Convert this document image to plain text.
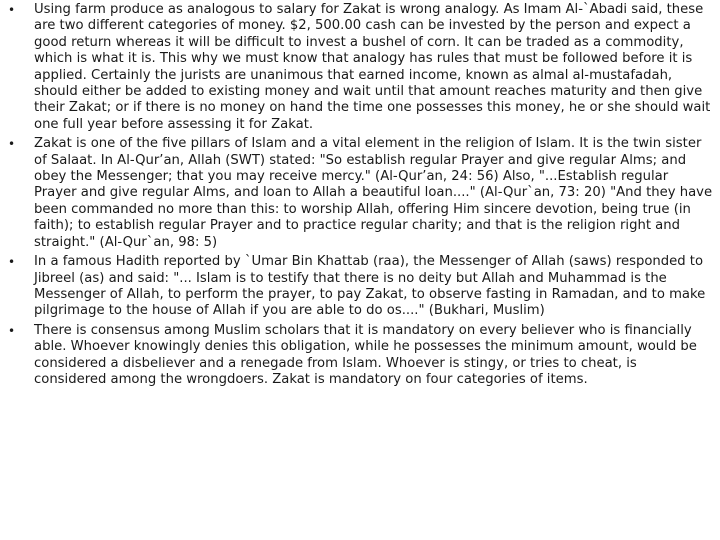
• Using farm produce as analogous to salary for Zakat is wrong analogy. As Imam Al-`Abadi said, these are two different categories of money. $2, 500.00 cash can be invested by the person and expect a good return whereas it will be difficult to invest a bushel of corn. It can be traded as a commodity, which is what it is. This why we must know that analogy has rules that must be followed before it is applied. Certainly the jurists are unanimous that earned income, known as almal al-mustafadah, should either be added to existing money and wait until that amount reaches maturity and then give their Zakat; or if there is no money on hand the time one possesses this money, he or she should wait one full year before assessing it for Zakat.
• Zakat is one of the five pillars of Islam and a vital element in the religion of Islam. It is the twin sister of Salaat. In Al-Qur’an, Allah (SWT) stated: "So establish regular Prayer and give regular Alms; and obey the Messenger; that you may receive mercy." (Al-Qur’an, 24: 56) Also, "...Establish regular Prayer and give regular Alms, and loan to Allah a beautiful loan...." (Al-Qur`an, 73: 20) "And they have been commanded no more than this: to worship Allah, offering Him sincere devotion, being true (in faith); to establish regular Prayer and to practice regular charity; and that is the religion right and straight." (Al-Qur`an, 98: 5)
• In a famous Hadith reported by `Umar Bin Khattab (raa), the Messenger of Allah (saws) responded to Jibreel (as) and said: "... Islam is to testify that there is no deity but Allah and Muhammad is the Messenger of Allah, to perform the prayer, to pay Zakat, to observe fasting in Ramadan, and to make pilgrimage to the house of Allah if you are able to do os...." (Bukhari, Muslim)
• There is consensus among Muslim scholars that it is mandatory on every believer who is financially able. Whoever knowingly denies this obligation, while he possesses the minimum amount, would be considered a disbeliever and a renegade from Islam. Whoever is stingy, or tries to cheat, is considered among the wrongdoers. Zakat is mandatory on four categories of items.
